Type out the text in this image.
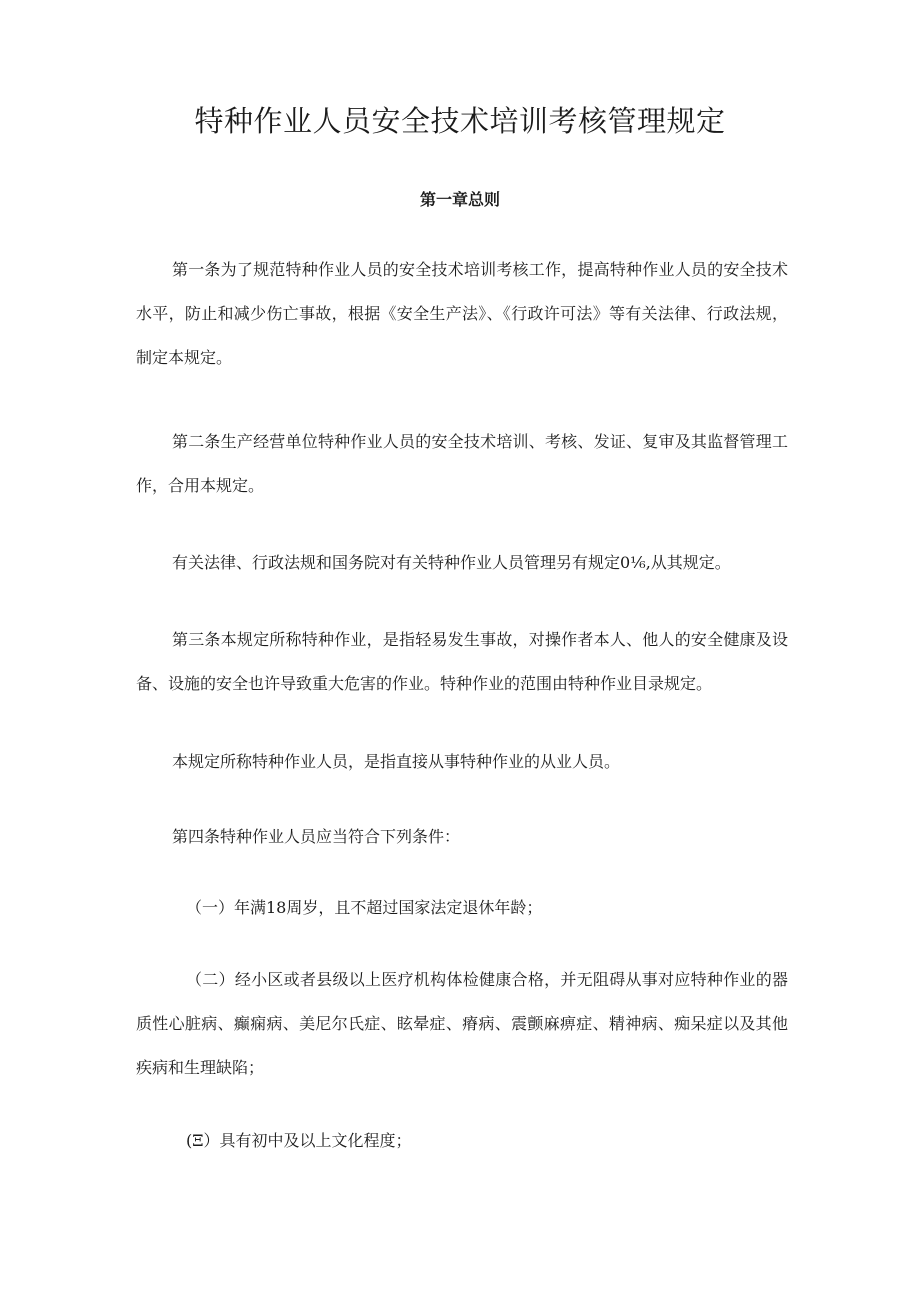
特种作业人员安全技术培训考核管理规定
第一章总则

第一条为了规范特种作业人员的安全技术培训考核工作，提高特种作业人员的安全技术水平，防止和减少伤亡事故，根据《安全生产法》、《行政许可法》等有关法律、行政法规，制定本规定。

第二条生产经营单位特种作业人员的安全技术培训、考核、发证、复审及其监督管理工作，合用本规定。

有关法律、行政法规和国务院对有关特种作业人员管理另有规定0⅙,从其规定。

第三条本规定所称特种作业，是指轻易发生事故，对操作者本人、他人的安全健康及设备、设施的安全也许导致重大危害的作业。特种作业的范围由特种作业目录规定。

本规定所称特种作业人员，是指直接从事特种作业的从业人员。

第四条特种作业人员应当符合下列条件：

（一）年满18周岁，且不超过国家法定退休年龄；

（二）经小区或者县级以上医疗机构体检健康合格，并无阻碍从事对应特种作业的器质性心脏病、癫痫病、美尼尔氏症、眩晕症、瘠病、震颤麻痹症、精神病、痴呆症以及其他疾病和生理缺陷；

(Ξ）具有初中及以上文化程度；
